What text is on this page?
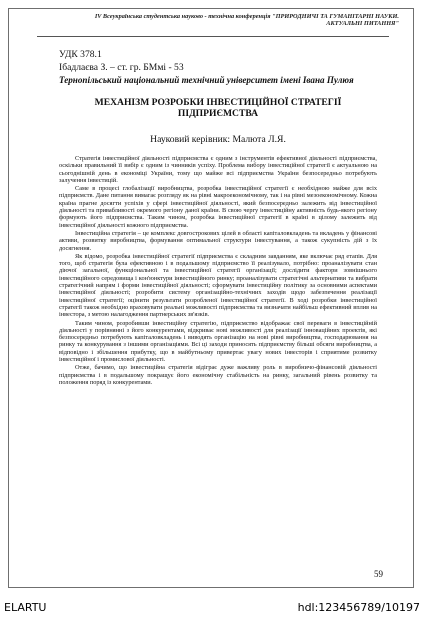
IV Всеукраїнська студентська науково - технічна конференція "ПРИРОДНИЧІ ТА ГУМАНІТАРНІ НАУКИ.
АКТУАЛЬНІ ПИТАННЯ"
УДК 378.1
Ібадлаєва З. – ст. гр. БМмі - 53
Тернопільський національний технічний університет імені Івана Пулюя
МЕХАНІЗМ РОЗРОБКИ ІНВЕСТИЦІЙНОЇ СТРАТЕГІЇ ПІДПРИЄМСТВА
Науковий керівник: Малюта Л.Я.

Стратегія інвестиційної діяльності підприємства є одним з інструментів ефективної діяльності підприємства, оскільки правильний її вибір є одним із чинників успіху. Проблема вибору інвестиційної стратегії є актуальною на сьогоднішній день в економіці України, тому що майже всі підприємства України безпосередньо потребують залучення інвестицій.

Саме в процесі глобалізації виробництва, розробка інвестиційної стратегії є необхідною майже для всіх підприємств. Дане питання вимагає розгляду як на рівні макроекономічному, так і на рівні мезоекономічному. Кожна країна прагне досягти успіхів у сфері інвестиційної діяльності, який безпосередньо залежить від інвестиційної діяльності та привабливості окремого регіону даної країни. В свою чергу інвестиційну активність будь-якого регіону формують його підприємства. Таким чином, розробка інвестиційної стратегії в країні в цілому залежить від інвестиційної діяльності кожного підприємства.

Інвестиційна стратегія – це комплекс довгострокових цілей в області капіталовкладень та вкладень у фінансові активи, розвитку виробництва, формування оптимальної структури інвестування, а також сукупність дій з їх досягнення.

Як відомо, розробка інвестиційної стратегії підприємства є складним завданням, яке включає ряд етапів. Для того, щоб стратегія була ефективною і в подальшому підприємство її реалізувало, потрібно: проаналізувати стан діючої загальної, функціональної та інвестиційної стратегії організації; дослідити фактори зовнішнього інвестиційного середовища і кон'юнктури інвестиційного ринку; проаналізувати стратегічні альтернативи та вибрати стратегічний напрям і форми інвестиційної діяльності; сформувати інвестиційну політику за основними аспектами інвестиційної діяльності; розробити систему організаційно-технічних заходів щодо забезпечення реалізації інвестиційної стратегії; оцінити результати розробленої інвестиційної стратегії. В ході розробки інвестиційної стратегії також необхідно враховувати реальні можливості підприємства та визначати найбільш ефективний вплив на інвестора, з метою налагодження партнерських зв'язків.

Таким чином, розробивши інвестиційну стратегію, підприємство відображає свої переваги в інвестиційній діяльності у порівнянні з його конкурентами, відкриває нові можливості для реалізації інноваційних проектів, які безпосередньо потребують капіталовкладень і виводять організацію на нові рівні виробництва, господарювання на ринку та конкурування з іншими організаціями. Всі ці заходи приносять підприємству більші обсяги виробництва, а відповідно і збільшення прибутку, що в майбутньому привертає увагу нових інвесторів і сприятиме розвитку інвестиційної і промислової діяльності.

Отже, бачимо, що інвестиційна стратегія відіграє дуже важливу роль в виробничо-фінансовій діяльності підприємства і в подальшому покращує його економічну стабільність на ринку, загальний рівень розвитку та положення поряд із конкурентами.

59
ELARTU	hdl:123456789/10197
